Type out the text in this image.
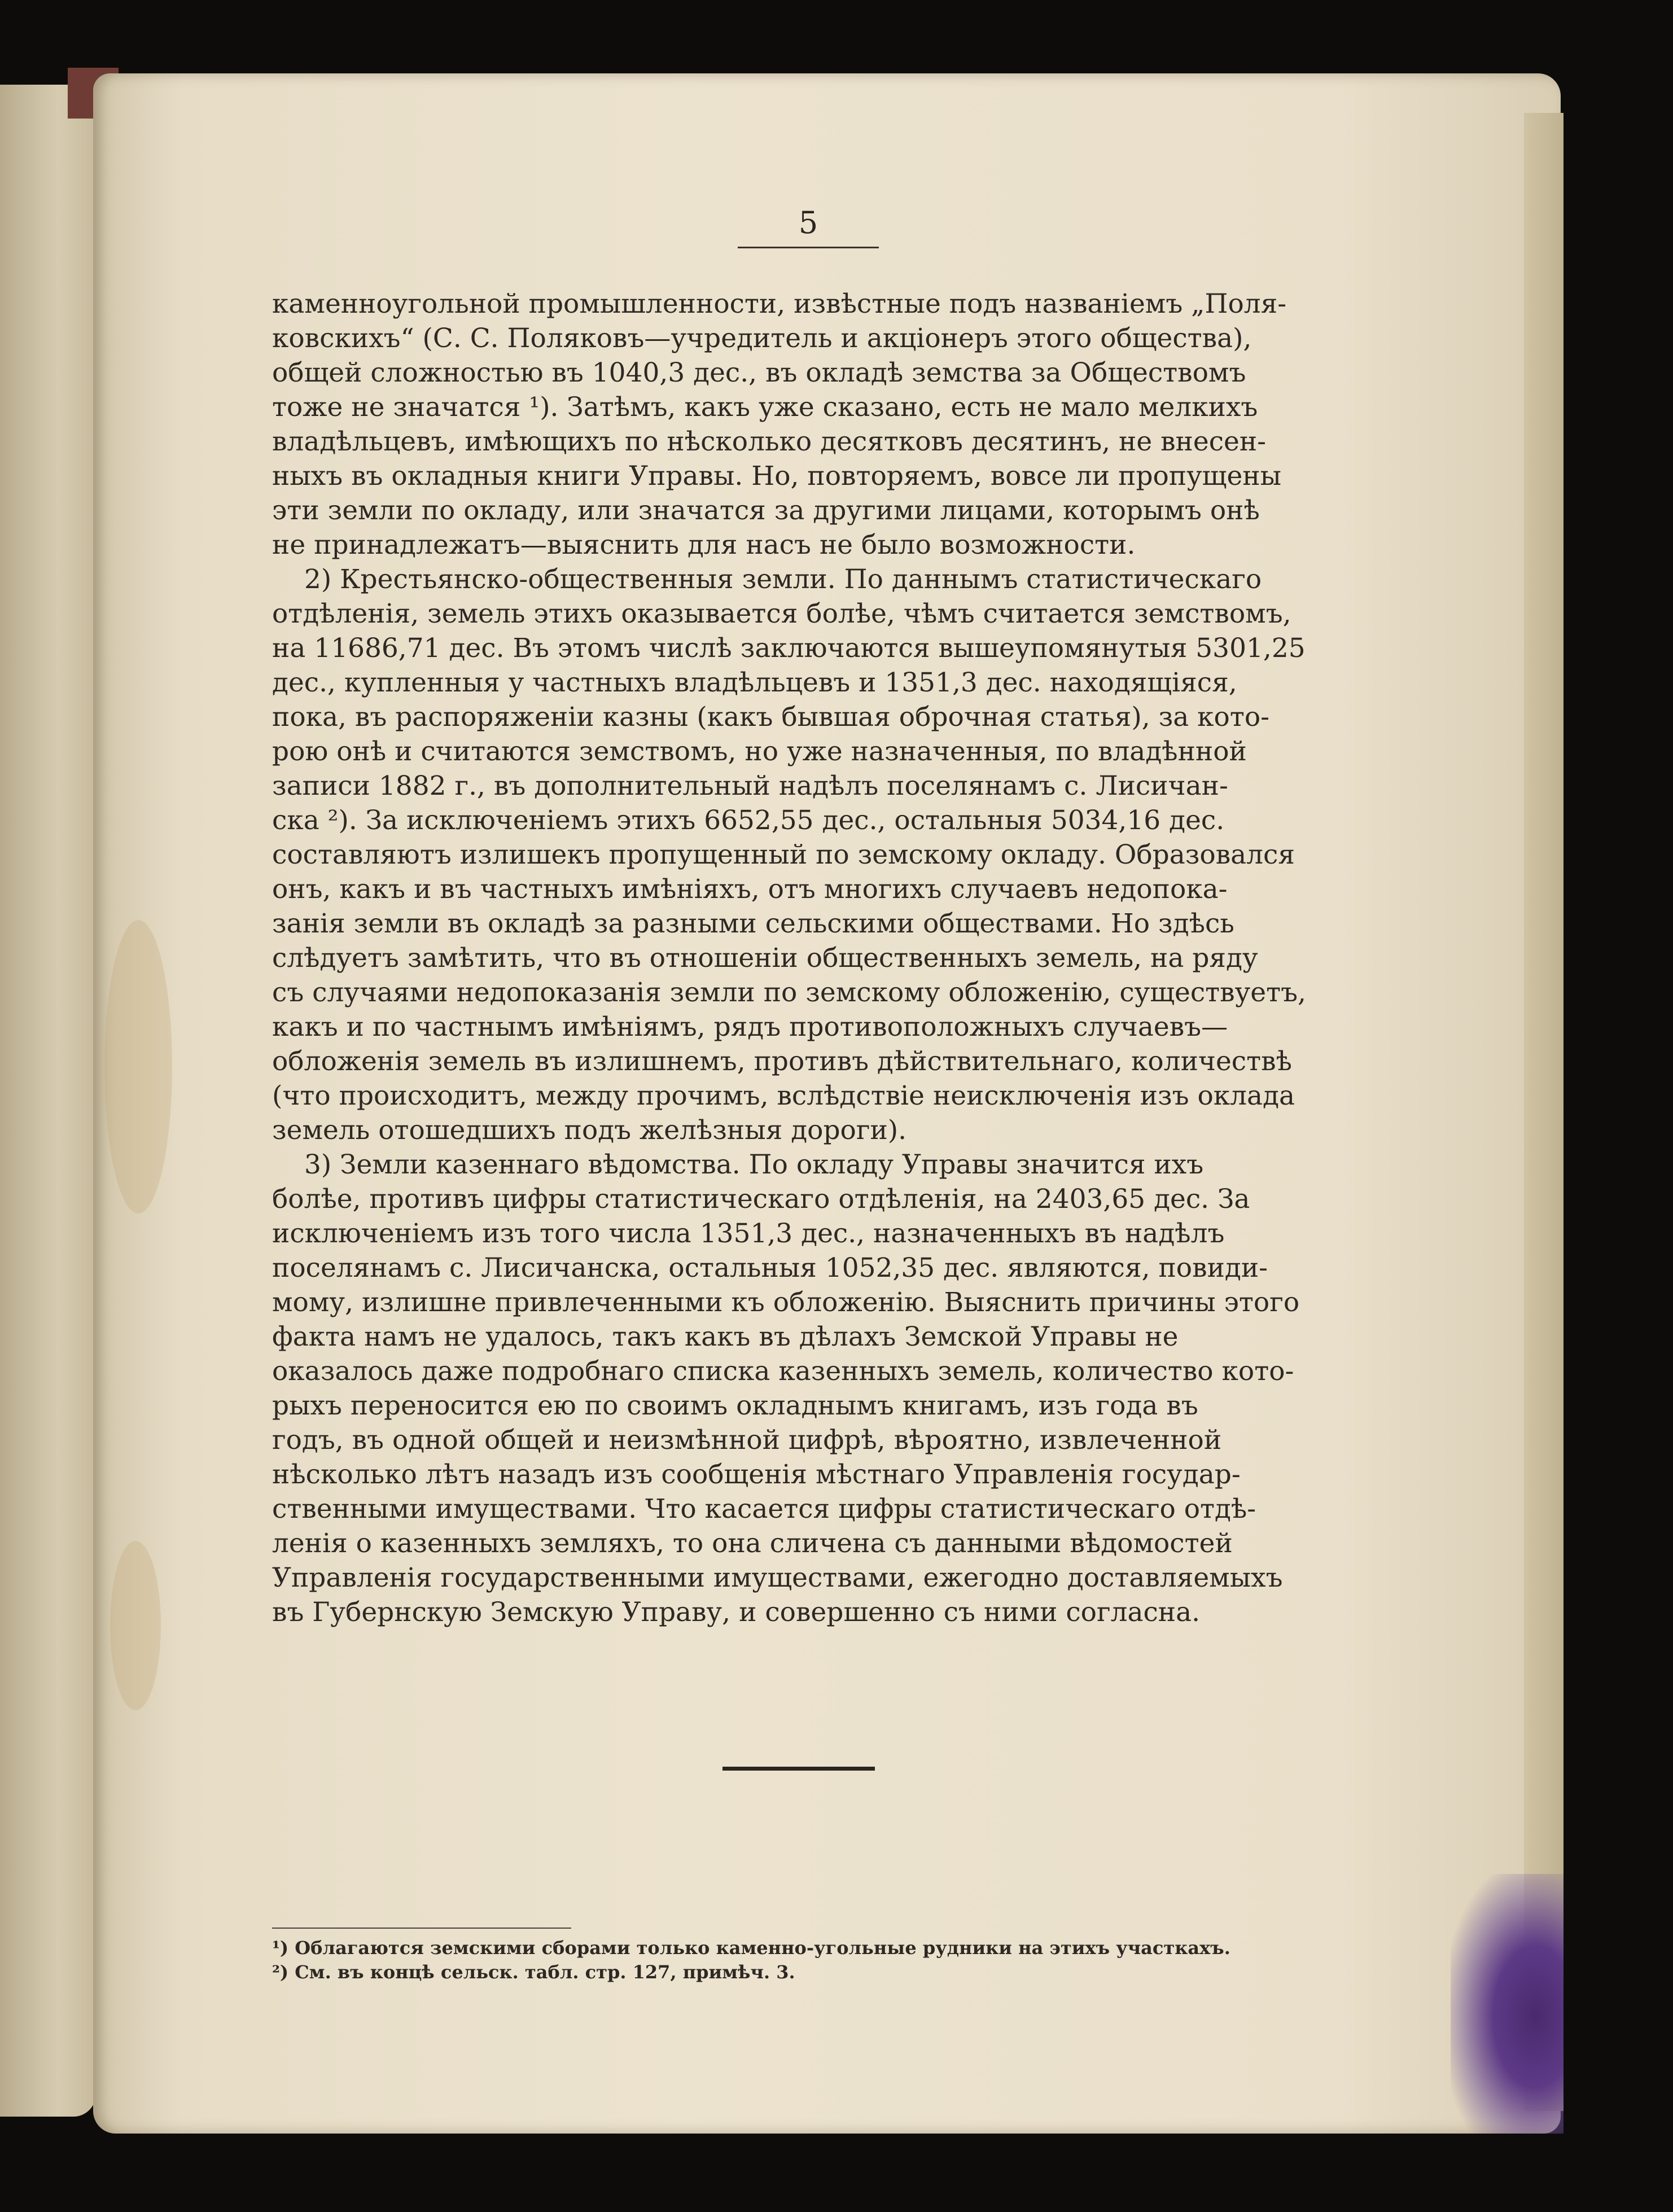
5
каменноугольной промышленности, извѣстные подъ названіемъ „Поля-
ковскихъ“ (С. С. Поляковъ—учредитель и акціонеръ этого общества),
общей сложностью въ 1040,3 дес., въ окладѣ земства за Обществомъ
тоже не значатся ¹). Затѣмъ, какъ уже сказано, есть не мало мелкихъ
владѣльцевъ, имѣющихъ по нѣсколько десятковъ десятинъ, не внесен-
ныхъ въ окладныя книги Управы. Но, повторяемъ, вовсе ли пропущены
эти земли по окладу, или значатся за другими лицами, которымъ онѣ
не принадлежатъ—выяснить для насъ не было возможности.
2) Крестьянско-общественныя земли. По даннымъ статистическаго
отдѣленія, земель этихъ оказывается болѣе, чѣмъ считается земствомъ,
на 11686,71 дес. Въ этомъ числѣ заключаются вышеупомянутыя 5301,25
дес., купленныя у частныхъ владѣльцевъ и 1351,3 дес. находящіяся,
пока, въ распоряженіи казны (какъ бывшая оброчная статья), за кото-
рою онѣ и считаются земствомъ, но уже назначенныя, по владѣнной
записи 1882 г., въ дополнительный надѣлъ поселянамъ с. Лисичан-
ска ²). За исключеніемъ этихъ 6652,55 дес., остальныя 5034,16 дес.
составляютъ излишекъ пропущенный по земскому окладу. Образовался
онъ, какъ и въ частныхъ имѣніяхъ, отъ многихъ случаевъ недопока-
занія земли въ окладѣ за разными сельскими обществами. Но здѣсь
слѣдуетъ замѣтить, что въ отношеніи общественныхъ земель, на ряду
съ случаями недопоказанія земли по земскому обложенію, существуетъ,
какъ и по частнымъ имѣніямъ, рядъ противоположныхъ случаевъ—
обложенія земель въ излишнемъ, противъ дѣйствительнаго, количествѣ
(что происходитъ, между прочимъ, вслѣдствіе неисключенія изъ оклада
земель отошедшихъ подъ желѣзныя дороги).
3) Земли казеннаго вѣдомства. По окладу Управы значится ихъ
болѣе, противъ цифры статистическаго отдѣленія, на 2403,65 дес. За
исключеніемъ изъ того числа 1351,3 дес., назначенныхъ въ надѣлъ
поселянамъ с. Лисичанска, остальныя 1052,35 дес. являются, повиди-
мому, излишне привлеченными къ обложенію. Выяснить причины этого
факта намъ не удалось, такъ какъ въ дѣлахъ Земской Управы не
оказалось даже подробнаго списка казенныхъ земель, количество кото-
рыхъ переносится ею по своимъ окладнымъ книгамъ, изъ года въ
годъ, въ одной общей и неизмѣнной цифрѣ, вѣроятно, извлеченной
нѣсколько лѣтъ назадъ изъ сообщенія мѣстнаго Управленія государ-
ственными имуществами. Что касается цифры статистическаго отдѣ-
ленія о казенныхъ земляхъ, то она сличена съ данными вѣдомостей
Управленія государственными имуществами, ежегодно доставляемыхъ
въ Губернскую Земскую Управу, и совершенно съ ними согласна.
¹) Облагаются земскими сборами только каменно-угольные рудники на этихъ участкахъ.
²) См. въ концѣ сельск. табл. стр. 127, примѣч. 3.
